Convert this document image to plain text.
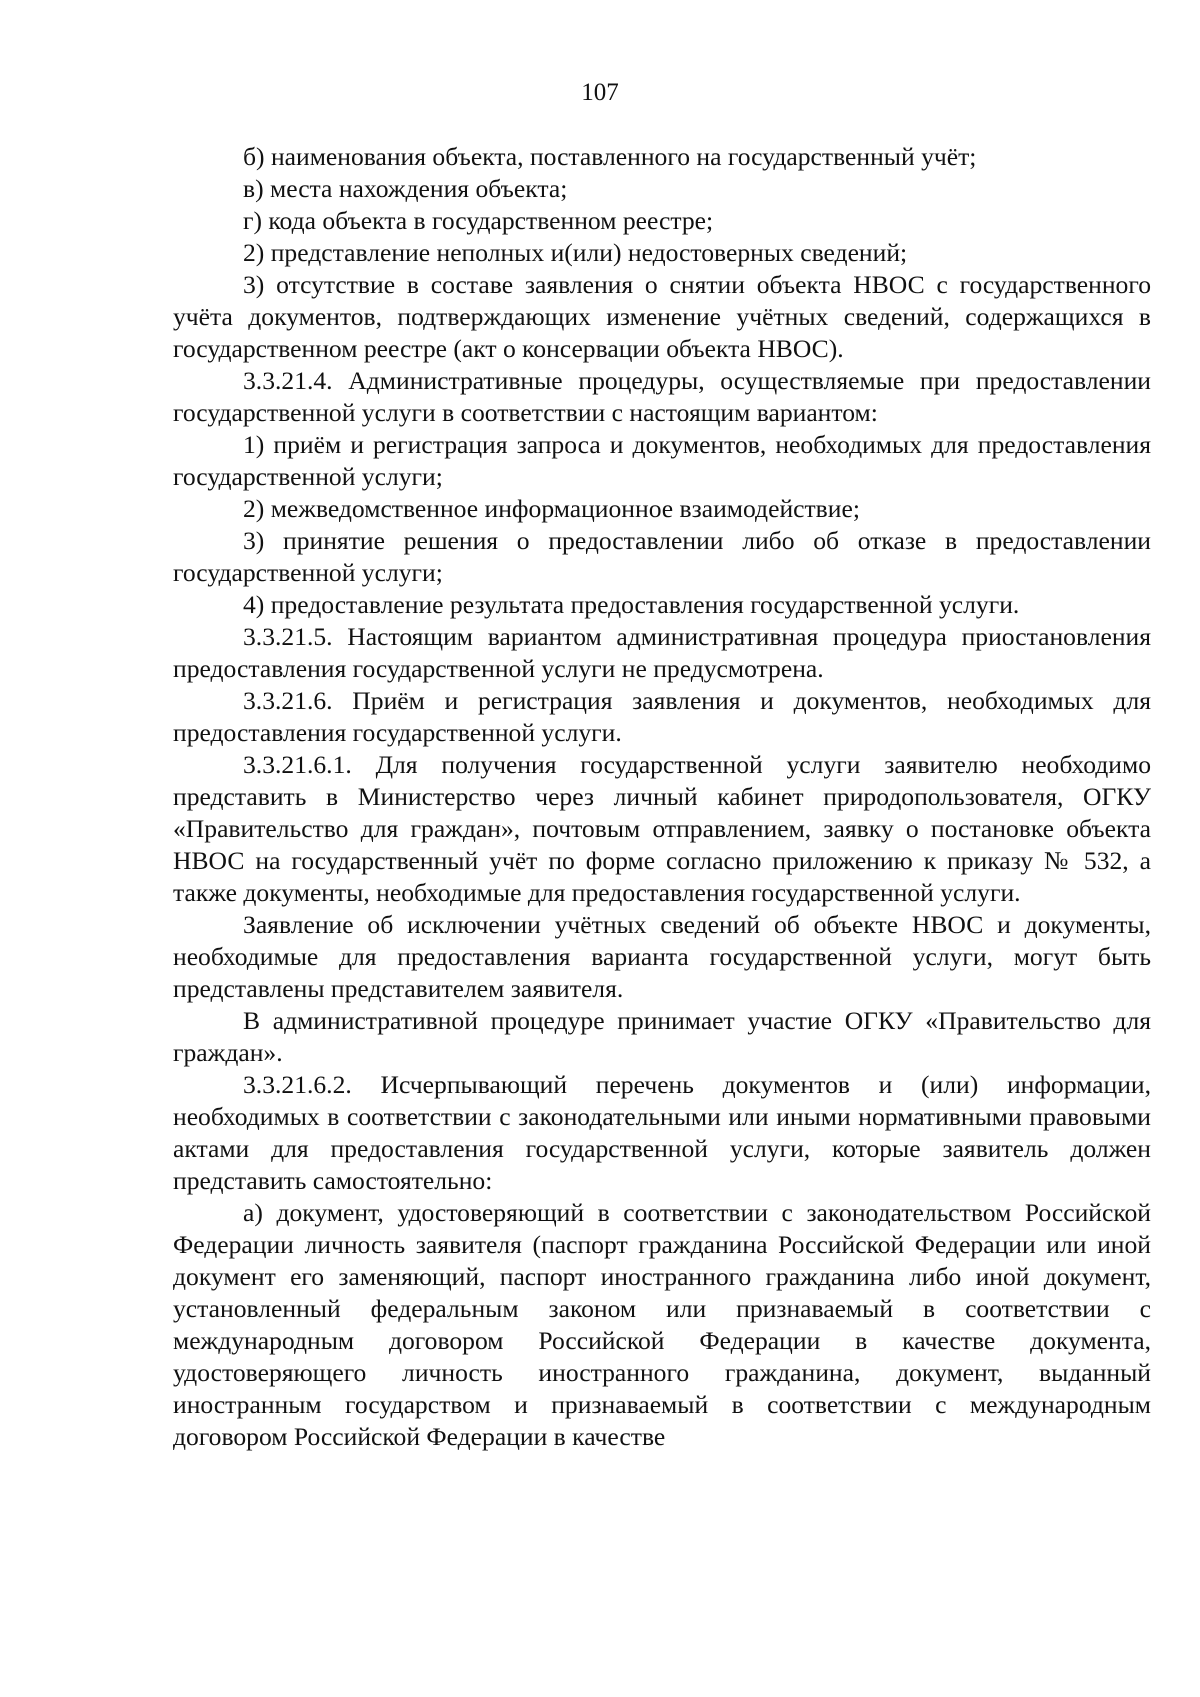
107

б) наименования объекта, поставленного на государственный учёт;

в) места нахождения объекта;

г) кода объекта в государственном реестре;

2) представление неполных и(или) недостоверных сведений;

3) отсутствие в составе заявления о снятии объекта НВОС с государственного учёта документов, подтверждающих изменение учётных сведений, содержащихся в государственном реестре (акт о консервации объекта НВОС).

3.3.21.4. Административные процедуры, осуществляемые при предоставлении государственной услуги в соответствии с настоящим вариантом:

1) приём и регистрация запроса и документов, необходимых для предоставления государственной услуги;

2) межведомственное информационное взаимодействие;

3) принятие решения о предоставлении либо об отказе в предоставлении государственной услуги;

4) предоставление результата предоставления государственной услуги.

3.3.21.5. Настоящим вариантом административная процедура приостановления предоставления государственной услуги не предусмотрена.

3.3.21.6. Приём и регистрация заявления и документов, необходимых для предоставления государственной услуги.

3.3.21.6.1. Для получения государственной услуги заявителю необходимо представить в Министерство через личный кабинет природопользователя, ОГКУ «Правительство для граждан», почтовым отправлением, заявку о постановке объекта НВОС на государственный учёт по форме согласно приложению к приказу № 532, а также документы, необходимые для предоставления государственной услуги.

Заявление об исключении учётных сведений об объекте НВОС и документы, необходимые для предоставления варианта государственной услуги, могут быть представлены представителем заявителя.

В административной процедуре принимает участие ОГКУ «Правительство для граждан».

3.3.21.6.2. Исчерпывающий перечень документов и (или) информации, необходимых в соответствии с законодательными или иными нормативными правовыми актами для предоставления государственной услуги, которые заявитель должен представить самостоятельно:

а) документ, удостоверяющий в соответствии с законодательством Российской Федерации личность заявителя (паспорт гражданина Российской Федерации или иной документ его заменяющий, паспорт иностранного гражданина либо иной документ, установленный федеральным законом или признаваемый в соответствии с международным договором Российской Федерации в качестве документа, удостоверяющего личность иностранного гражданина, документ, выданный иностранным государством и признаваемый в соответствии с международным договором Российской Федерации в качестве
